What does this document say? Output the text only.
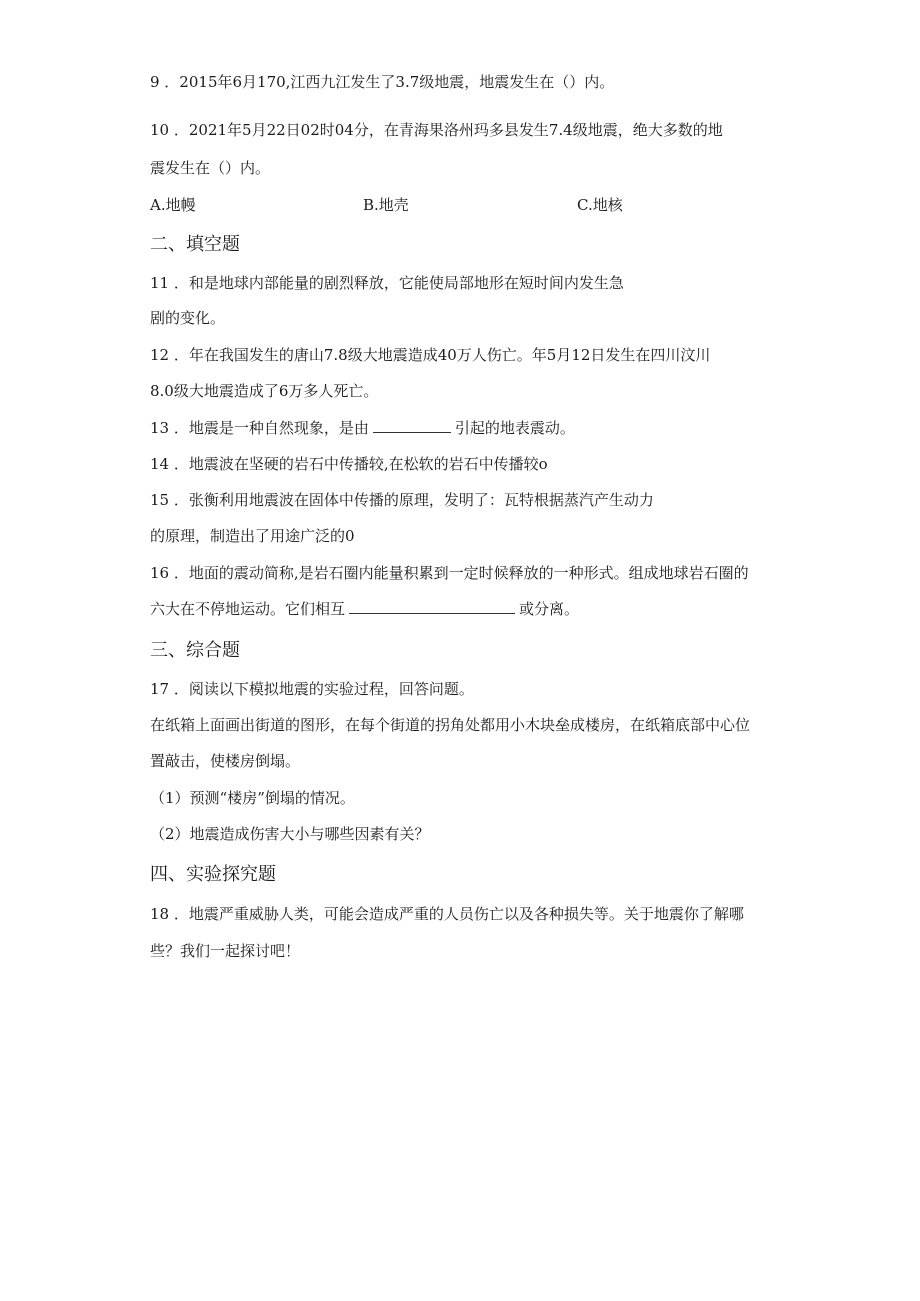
9 ．2015年6月170,江西九江发生了3.7级地震，地震发生在（）内。
10 ．2021年5月22日02时04分，在青海果洛州玛多县发生7.4级地震，绝大多数的地
震发生在（）内。
A.地幔	B.地壳	C.地核
二、填空题
11 ．和是地球内部能量的剧烈释放，它能使局部地形在短时间内发生急
剧的变化。
12 ．年在我国发生的唐山7.8级大地震造成40万人伤亡。年5月12日发生在四川汶川
8.0级大地震造成了6万多人死亡。
13 ．地震是一种自然现象，是由	引起的地表震动。
14 ．地震波在坚硬的岩石中传播较,在松软的岩石中传播较o
15 ．张衡利用地震波在固体中传播的原理，发明了：瓦特根据蒸汽产生动力
的原理，制造出了用途广泛的0
16 ．地面的震动简称,是岩石圈内能量积累到一定时候释放的一种形式。组成地球岩石圈的
六大在不停地运动。它们相互	或分离。
三、综合题
17 ．阅读以下模拟地震的实验过程，回答问题。
在纸箱上面画出街道的图形，在每个街道的拐角处都用小木块垒成楼房，在纸箱底部中心位
置敲击，使楼房倒塌。
（1）预测“楼房”倒塌的情况。
（2）地震造成伤害大小与哪些因素有关？
四、实验探究题
18 ．地震严重威胁人类，可能会造成严重的人员伤亡以及各种损失等。关于地震你了解哪
些？我们一起探讨吧！
